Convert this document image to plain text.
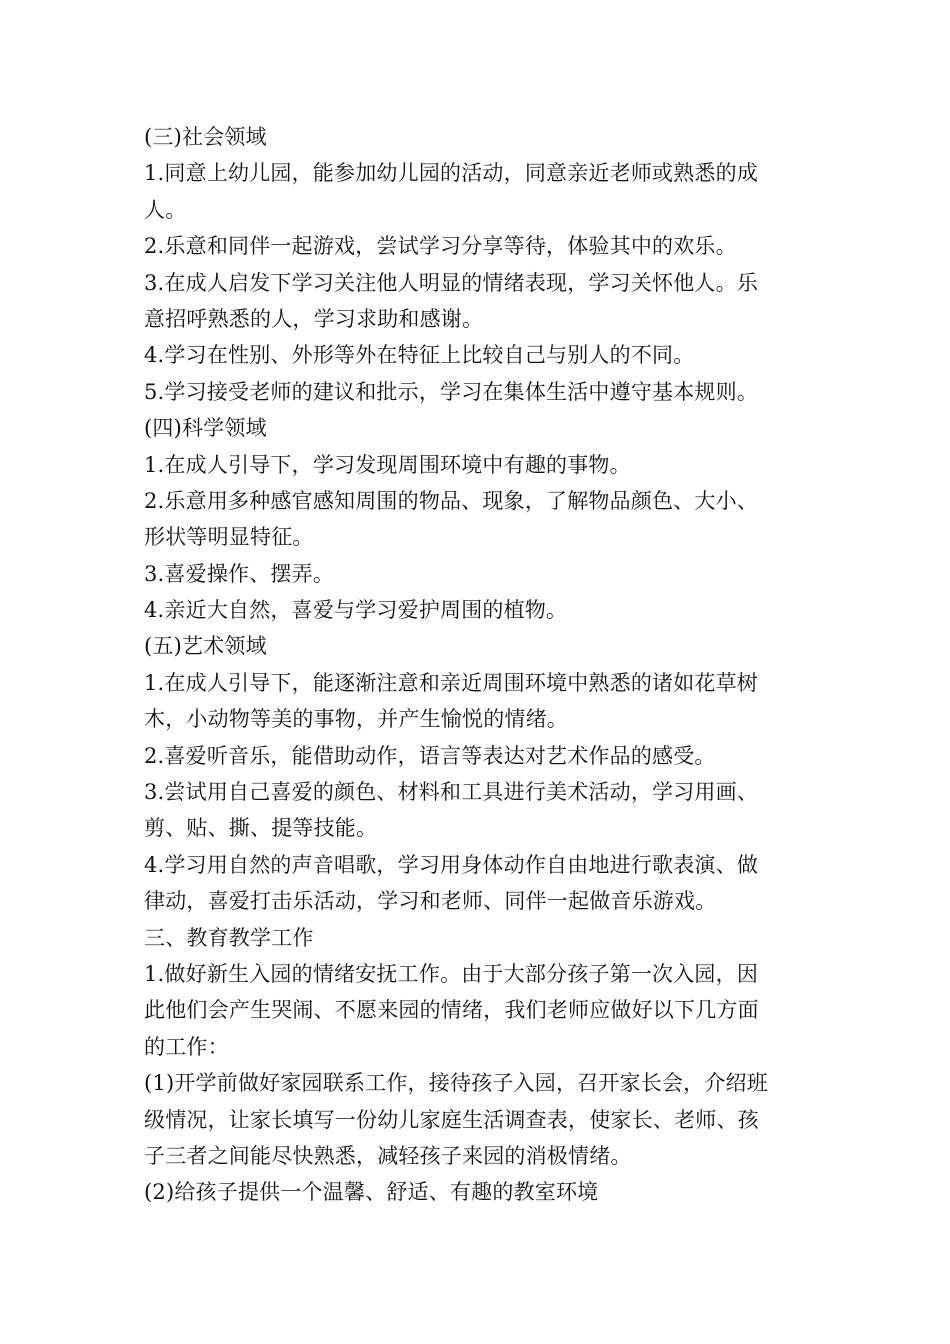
(三)社会领域
1.同意上幼儿园，能参加幼儿园的活动，同意亲近老师或熟悉的成
人。
2.乐意和同伴一起游戏，尝试学习分享等待，体验其中的欢乐。
3.在成人启发下学习关注他人明显的情绪表现，学习关怀他人。乐
意招呼熟悉的人，学习求助和感谢。
4.学习在性别、外形等外在特征上比较自己与别人的不同。
5.学习接受老师的建议和批示，学习在集体生活中遵守基本规则。
(四)科学领域
1.在成人引导下，学习发现周围环境中有趣的事物。
2.乐意用多种感官感知周围的物品、现象，了解物品颜色、大小、
形状等明显特征。
3.喜爱操作、摆弄。
4.亲近大自然，喜爱与学习爱护周围的植物。
(五)艺术领域
1.在成人引导下，能逐渐注意和亲近周围环境中熟悉的诸如花草树
木，小动物等美的事物，并产生愉悦的情绪。
2.喜爱听音乐，能借助动作，语言等表达对艺术作品的感受。
3.尝试用自己喜爱的颜色、材料和工具进行美术活动，学习用画、
剪、贴、撕、提等技能。
4.学习用自然的声音唱歌，学习用身体动作自由地进行歌表演、做
律动，喜爱打击乐活动，学习和老师、同伴一起做音乐游戏。
三、教育教学工作
1.做好新生入园的情绪安抚工作。由于大部分孩子第一次入园，因
此他们会产生哭闹、不愿来园的情绪，我们老师应做好以下几方面
的工作：
(1)开学前做好家园联系工作，接待孩子入园，召开家长会，介绍班
级情况，让家长填写一份幼儿家庭生活调查表，使家长、老师、孩
子三者之间能尽快熟悉，减轻孩子来园的消极情绪。
(2)给孩子提供一个温馨、舒适、有趣的教室环境
